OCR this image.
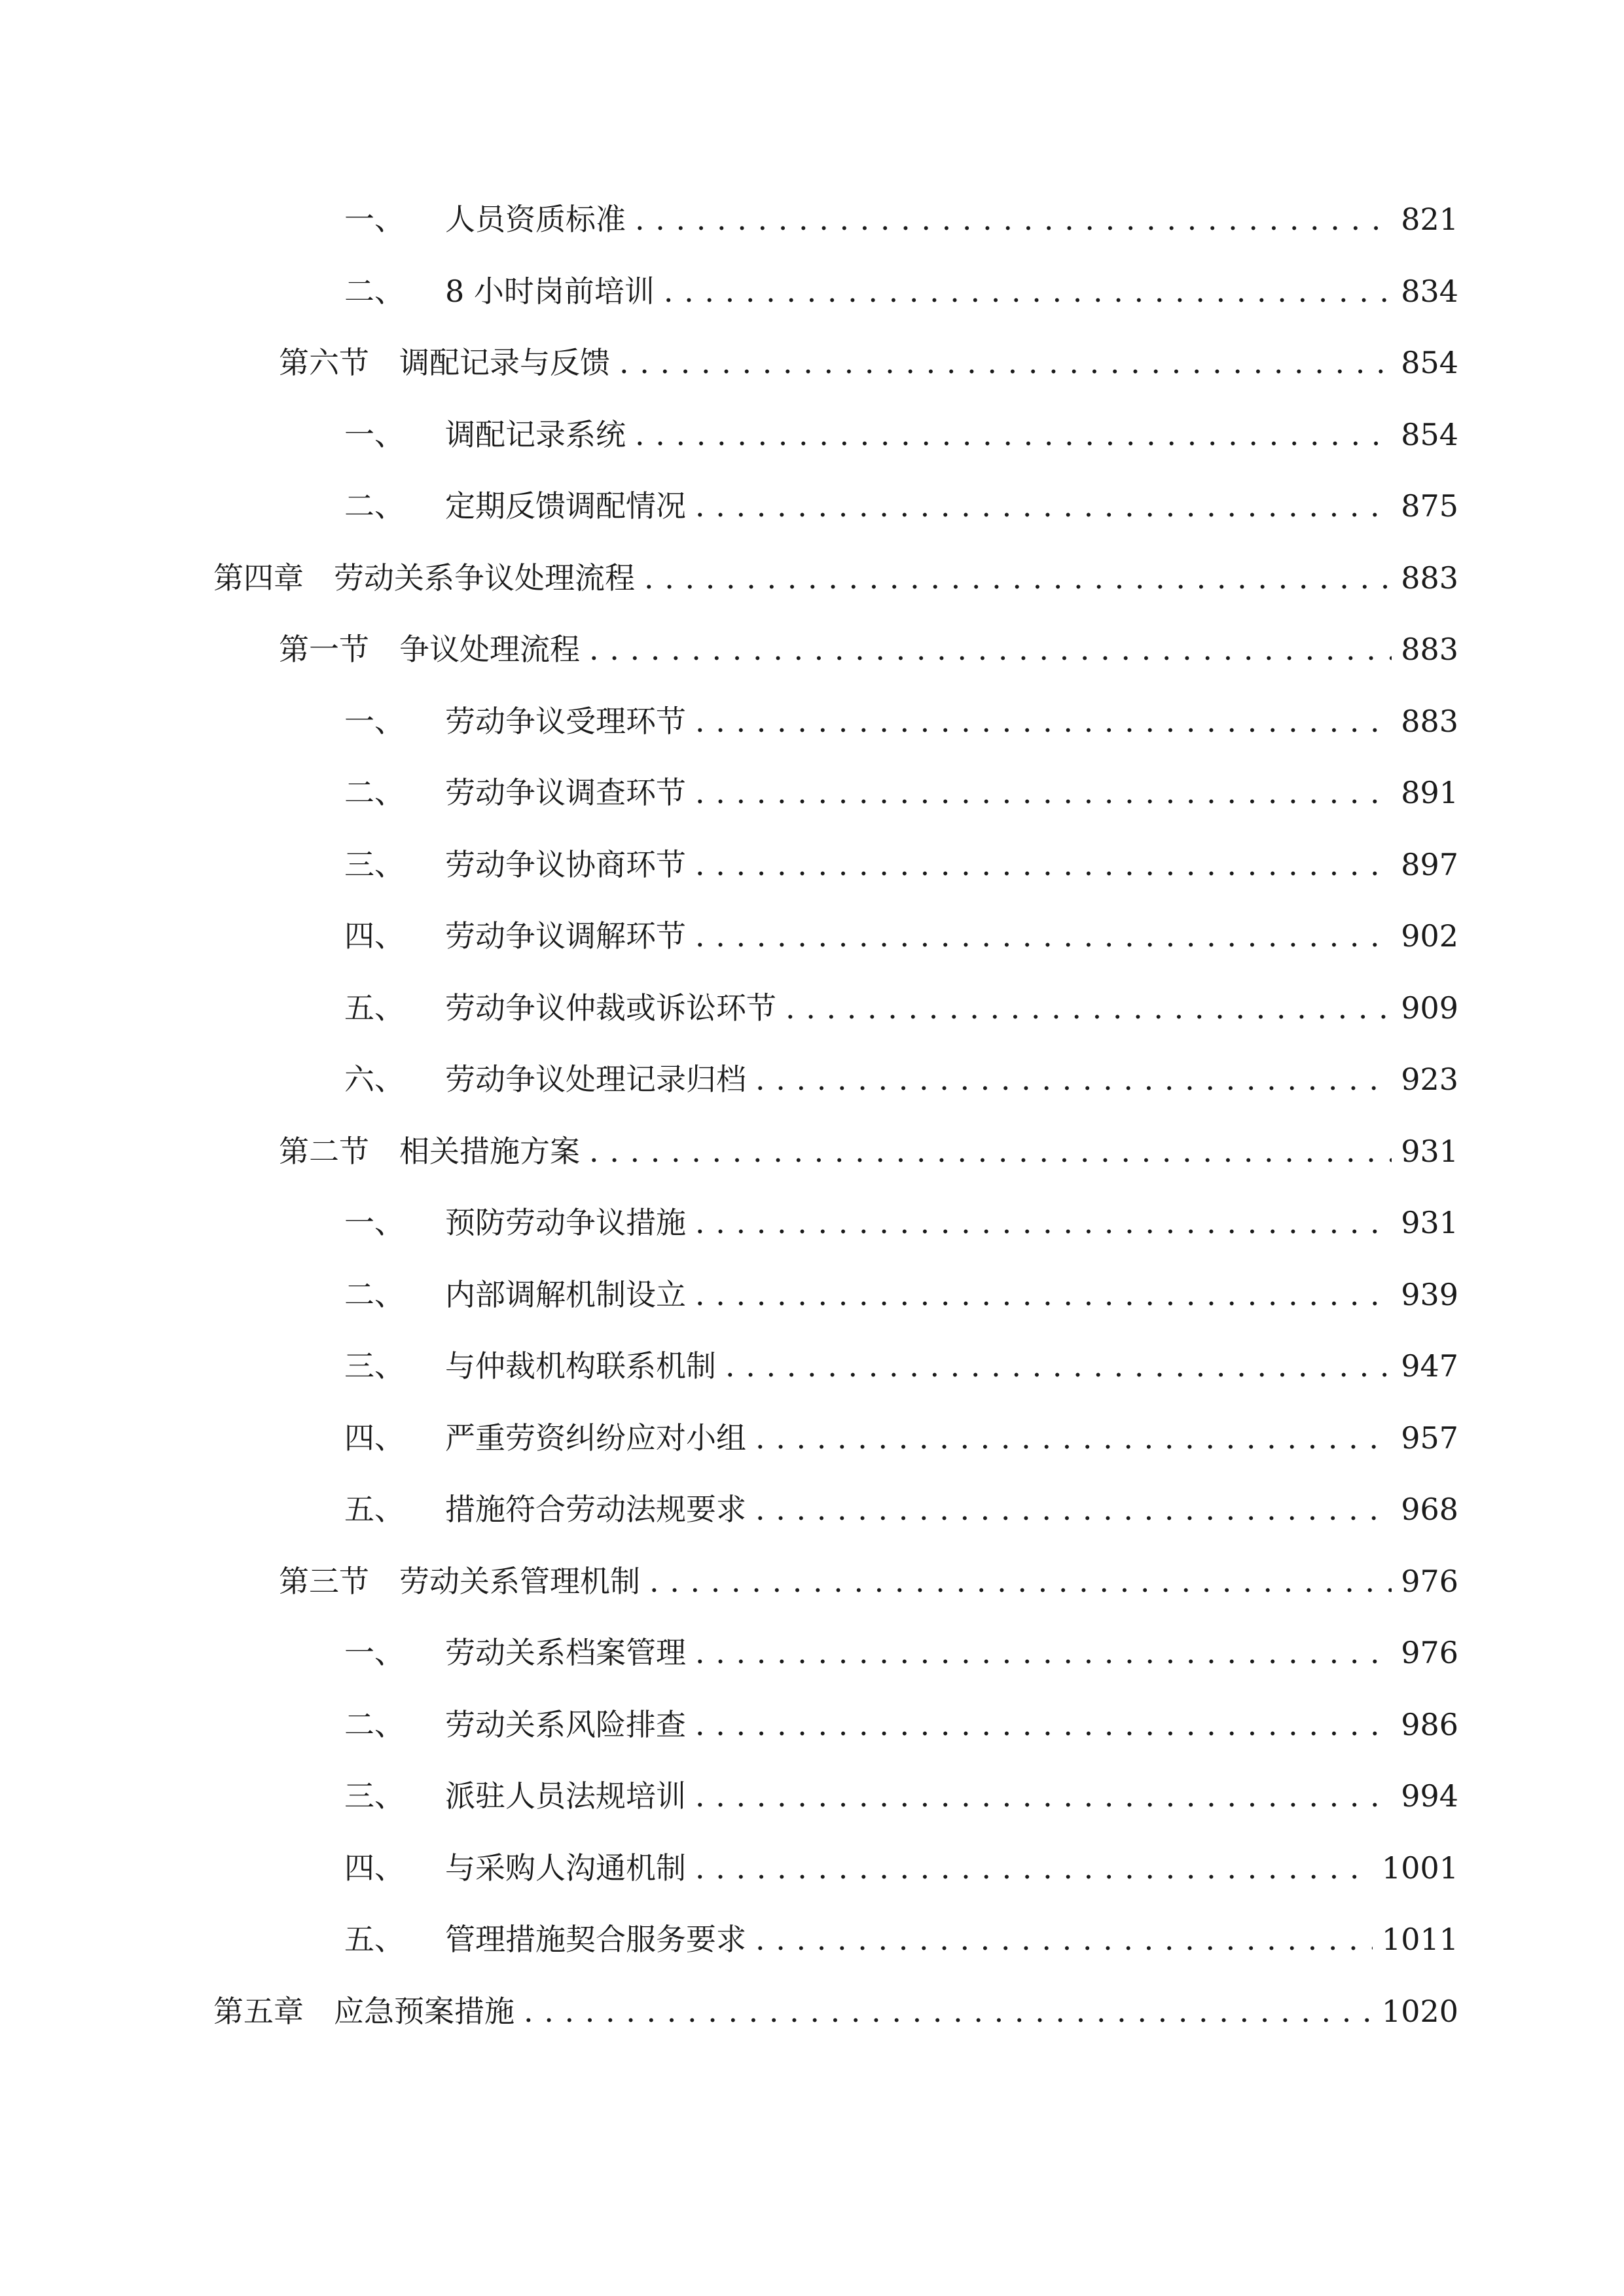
一、 人员资质标准 . . .	821
二、 8 小时岗前培训 . . .	834
第六节 调配记录与反馈 . . .	854
一、 调配记录系统 . . .	854
二、 定期反馈调配情况 . . .	875
第四章 劳动关系争议处理流程 . . .	883
第一节 争议处理流程 . . .	883
一、 劳动争议受理环节 . . .	883
二、 劳动争议调查环节 . . .	891
三、 劳动争议协商环节 . . .	897
四、 劳动争议调解环节 . . .	902
五、 劳动争议仲裁或诉讼环节 . . .	909
六、 劳动争议处理记录归档 . . .	923
第二节 相关措施方案 . . .	931
一、 预防劳动争议措施 . . .	931
二、 内部调解机制设立 . . .	939
三、 与仲裁机构联系机制 . . .	947
四、 严重劳资纠纷应对小组 . . .	957
五、 措施符合劳动法规要求 . . .	968
第三节 劳动关系管理机制 . . .	976
一、 劳动关系档案管理 . . .	976
二、 劳动关系风险排查 . . .	986
三、 派驻人员法规培训 . . .	994
四、 与采购人沟通机制 . . .	1001
五、 管理措施契合服务要求 . . .	1011
第五章 应急预案措施 . . .	1020
